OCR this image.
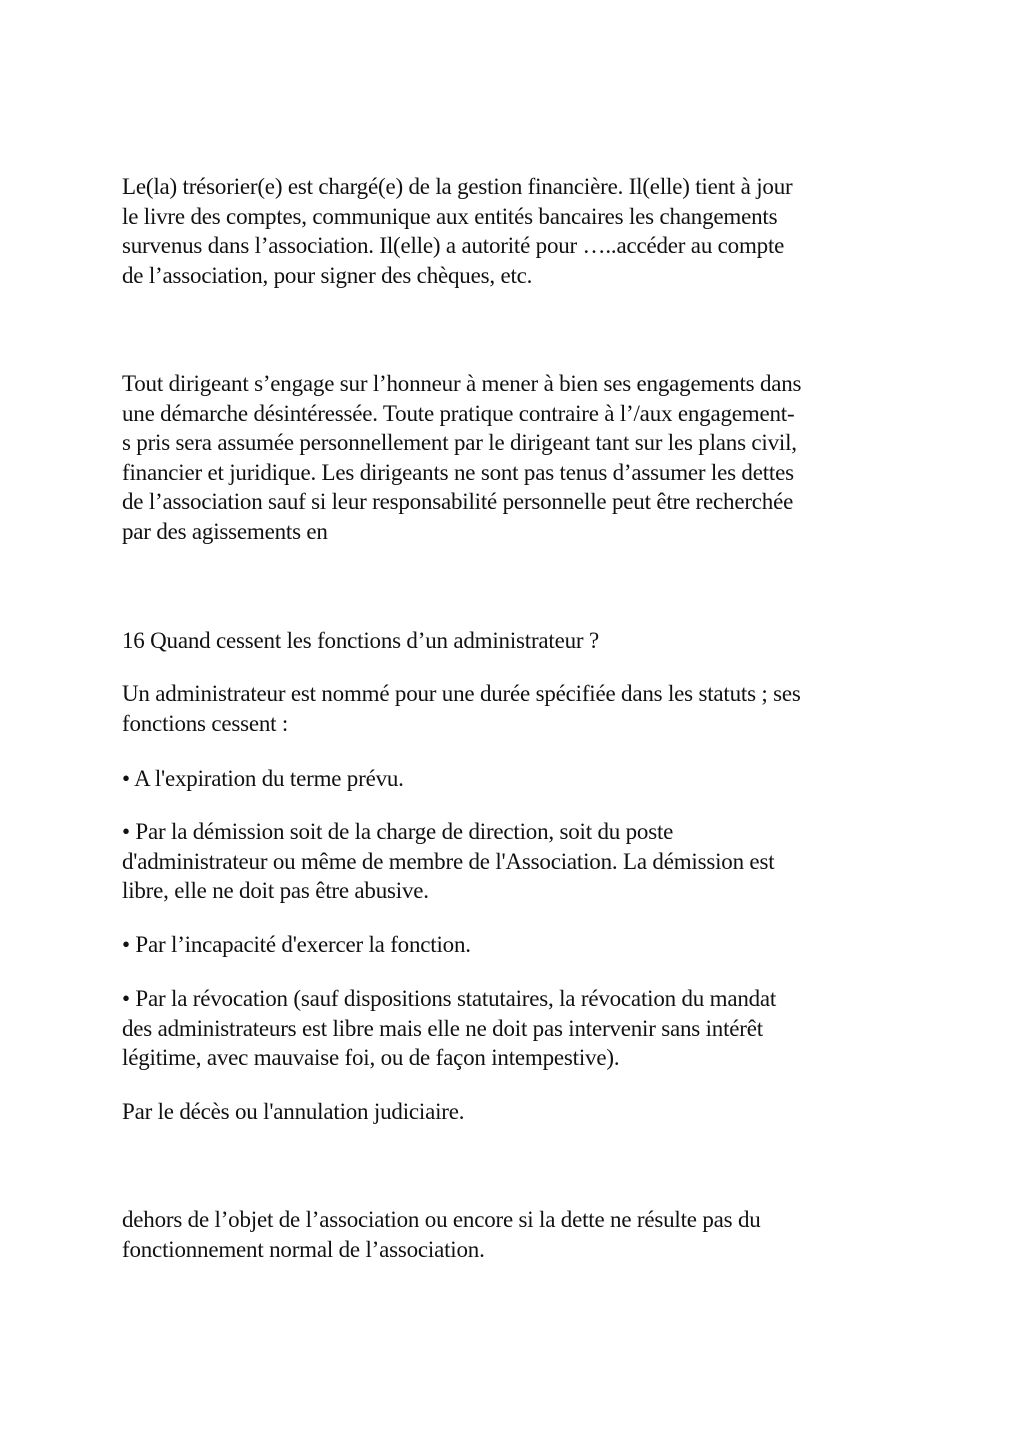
Le(la) trésorier(e) est chargé(e) de la gestion financière. Il(elle) tient à jour
le livre des comptes, communique aux entités bancaires les changements
survenus dans l’association. Il(elle) a autorité pour …..accéder au compte
de l’association, pour signer des chèques, etc.

Tout dirigeant s’engage sur l’honneur à mener à bien ses engagements dans
une démarche désintéressée. Toute pratique contraire à l’/aux engagement-
s pris sera assumée personnellement par le dirigeant tant sur les plans civil,
financier et juridique. Les dirigeants ne sont pas tenus d’assumer les dettes
de l’association sauf si leur responsabilité personnelle peut être recherchée
par des agissements en

16 Quand cessent les fonctions d’un administrateur ?

Un administrateur est nommé pour une durée spécifiée dans les statuts ; ses
fonctions cessent :

• A l'expiration du terme prévu.

• Par la démission soit de la charge de direction, soit du poste
d'administrateur ou même de membre de l'Association. La démission est
libre, elle ne doit pas être abusive.

• Par l’incapacité d'exercer la fonction.

• Par la révocation (sauf dispositions statutaires, la révocation du mandat
des administrateurs est libre mais elle ne doit pas intervenir sans intérêt
légitime, avec mauvaise foi, ou de façon intempestive).

Par le décès ou l'annulation judiciaire.

dehors de l’objet de l’association ou encore si la dette ne résulte pas du
fonctionnement normal de l’association.
